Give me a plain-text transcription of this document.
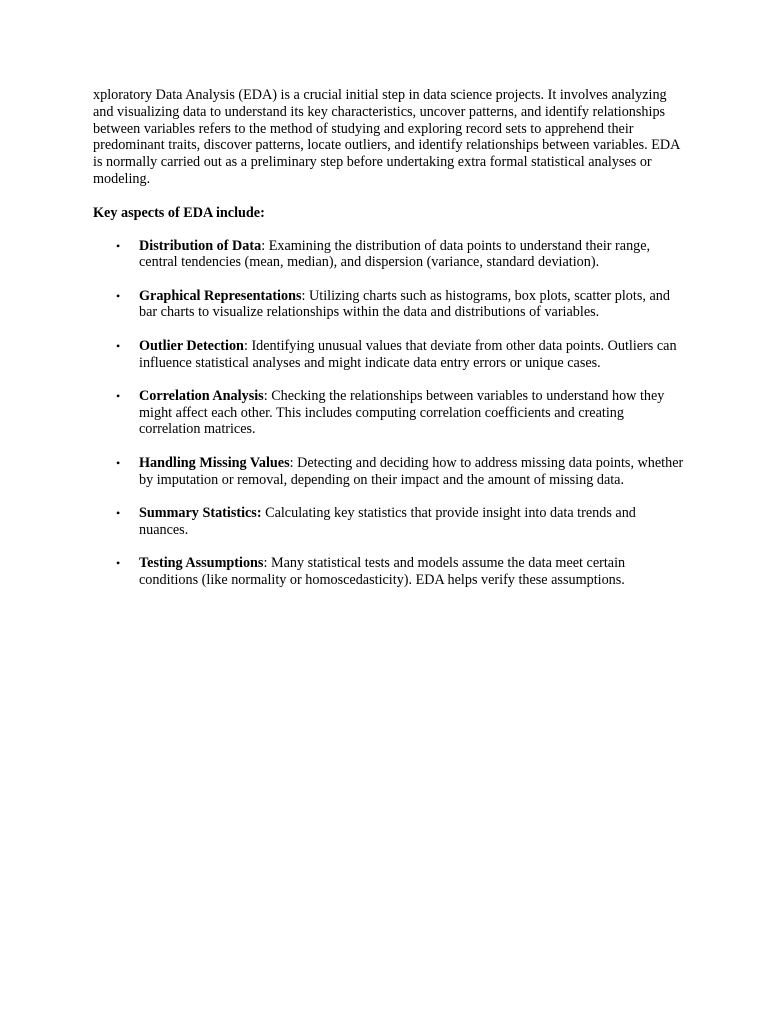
xploratory Data Analysis (EDA) is a crucial initial step in data science projects. It involves analyzing and visualizing data to understand its key characteristics, uncover patterns, and identify relationships between variables refers to the method of studying and exploring record sets to apprehend their predominant traits, discover patterns, locate outliers, and identify relationships between variables. EDA is normally carried out as a preliminary step before undertaking extra formal statistical analyses or modeling.

Key aspects of EDA include:

• Distribution of Data: Examining the distribution of data points to understand their range, central tendencies (mean, median), and dispersion (variance, standard deviation).
• Graphical Representations: Utilizing charts such as histograms, box plots, scatter plots, and bar charts to visualize relationships within the data and distributions of variables.
• Outlier Detection: Identifying unusual values that deviate from other data points. Outliers can influence statistical analyses and might indicate data entry errors or unique cases.
• Correlation Analysis: Checking the relationships between variables to understand how they might affect each other. This includes computing correlation coefficients and creating correlation matrices.
• Handling Missing Values: Detecting and deciding how to address missing data points, whether by imputation or removal, depending on their impact and the amount of missing data.
• Summary Statistics: Calculating key statistics that provide insight into data trends and nuances.
• Testing Assumptions: Many statistical tests and models assume the data meet certain conditions (like normality or homoscedasticity). EDA helps verify these assumptions.
